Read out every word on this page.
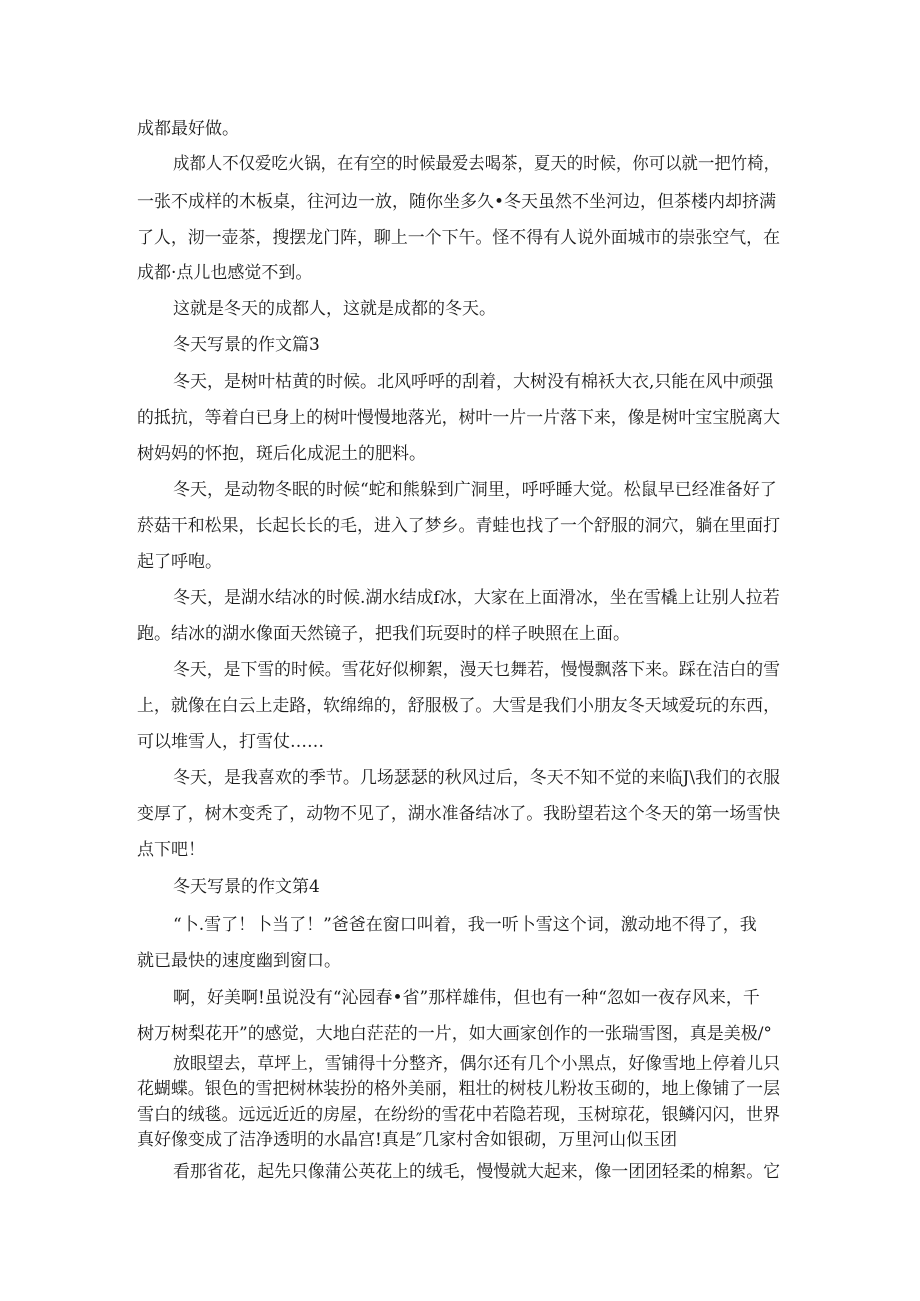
成都最好做。

成都人不仅爱吃火锅，在有空的时候最爱去喝茶，夏天的时候，你可以就一把竹椅，

一张不成样的木板桌，往河边一放，随你坐多久•冬天虽然不坐河边，但茶楼内却挤满

了人，沏一壶茶，搜摆龙门阵，聊上一个下午。怪不得有人说外面城市的崇张空气，在

成都·点儿也感觉不到。

这就是冬天的成都人，这就是成都的冬天。

冬天写景的作文篇3

冬天，是树叶枯黄的时候。北风呼呼的刮着，大树没有棉袄大衣,只能在风中顽强

的抵抗，等着白已身上的树叶慢慢地落光，树叶一片一片落下来，像是树叶宝宝脱离大

树妈妈的怀抱，斑后化成泥土的肥料。

冬天，是动物冬眠的时候“蛇和熊躲到广洞里，呼呼睡大觉。松鼠早已经准备好了

菸菇干和松果，长起长长的毛，进入了梦乡。青蛙也找了一个舒服的洞穴，躺在里面打

起了呼咆。

冬天，是湖水结冰的时候.湖水结成f冰，大家在上面滑冰，坐在雪橇上让别人拉若

跑。结冰的湖水像面天然镜子，把我们玩耍时的样子映照在上面。

冬天，是下雪的时候。雪花好似柳絮，漫天乜舞若，慢慢飘落下来。踩在洁白的雪

上，就像在白云上走路，软绵绵的，舒服极了。大雪是我们小朋友冬天域爱玩的东西，

可以堆雪人，打雪仗……

冬天，是我喜欢的季节。几场瑟瑟的秋风过后，冬天不知不觉的来临J\我们的衣服

变厚了，树木变秃了，动物不见了，湖水准备结冰了。我盼望若这个冬天的第一场雪快

点下吧！

冬天写景的作文第4

“卜.雪了！卜当了！”爸爸在窗口叫着，我一听卜雪这个词，激动地不得了，我

就已最快的速度幽到窗口。

啊，好美啊!虽说没有“沁园春•省”那样雄伟，但也有一种“忽如一夜存风来，千

树万树梨花开”的感觉，大地白茫茫的一片，如大画家创作的一张瑞雪图，真是美极/°

放眼望去，草坪上，雪铺得十分整齐，偶尔还有几个小黑点，好像雪地上停着儿只

花蝴蝶。银色的雪把树林装扮的格外美丽，粗壮的树枝儿粉妆玉砌的，地上像铺了一层

雪白的绒毯。远远近近的房屋，在纷纷的雪花中若隐若现，玉树琼花，银鳞闪闪，世界

真好像变成了洁净透明的水晶宫!真是″几家村舍如银砌，万里河山似玉团

看那省花，起先只像蒲公英花上的绒毛，慢慢就大起来，像一团团轻柔的棉絮。它
